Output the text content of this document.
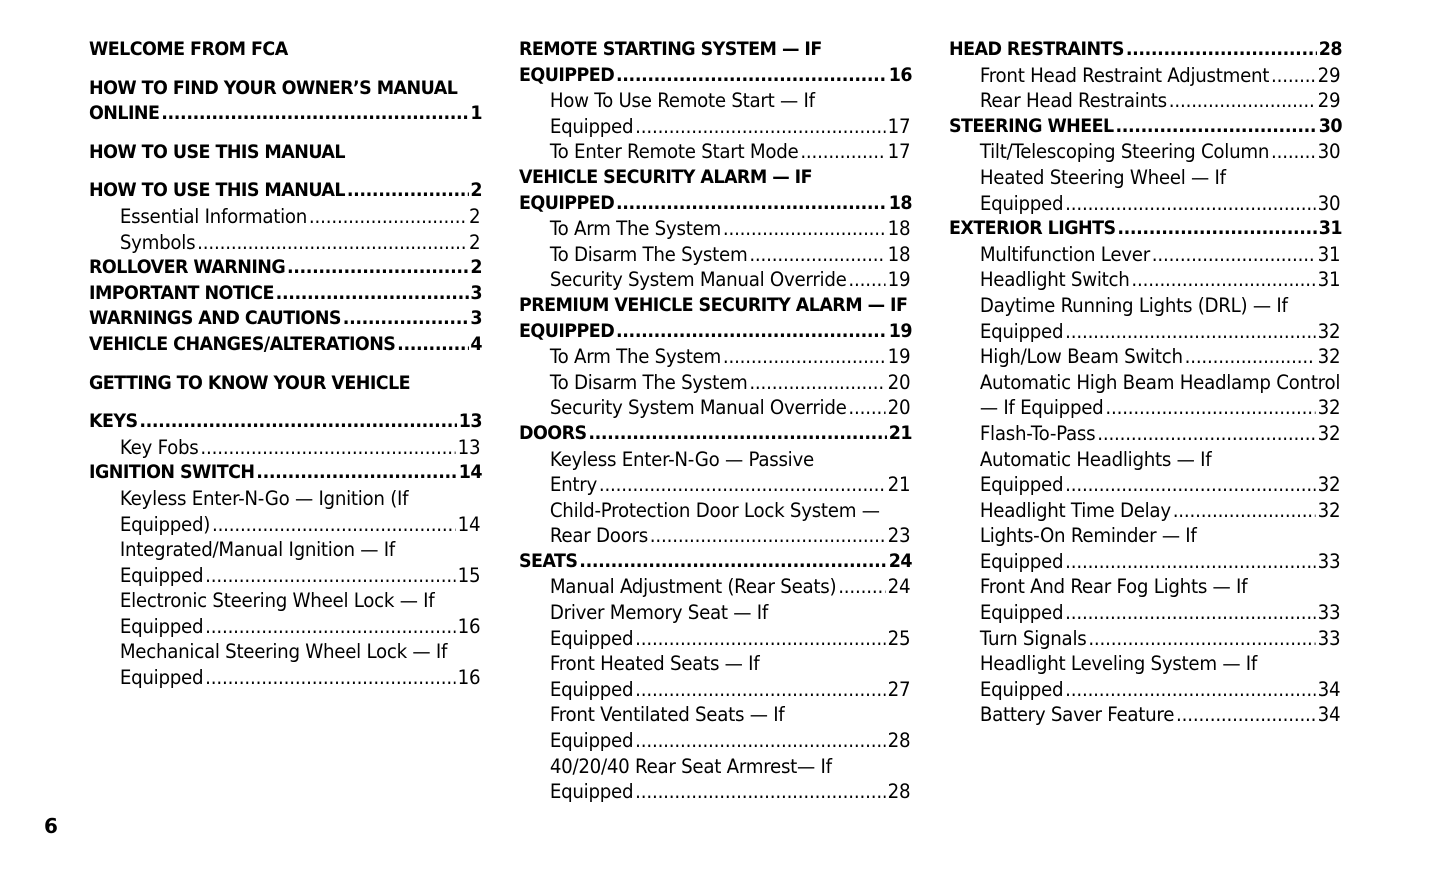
WELCOME FROM FCA
HOW TO FIND YOUR OWNER’S MANUAL
ONLINE .....	1
HOW TO USE THIS MANUAL
HOW TO USE THIS MANUAL .....	2
Essential Information .....	2
Symbols .....	2
ROLLOVER WARNING .....	2
IMPORTANT NOTICE .....	3
WARNINGS AND CAUTIONS .....	3
VEHICLE CHANGES/ALTERATIONS .....	4
GETTING TO KNOW YOUR VEHICLE
KEYS .....	13
Key Fobs .....	13
IGNITION SWITCH .....	14
Keyless Enter-N-Go — Ignition (If
Equipped) .....	14
Integrated/Manual Ignition — If
Equipped .....	15
Electronic Steering Wheel Lock — If
Equipped .....	16
Mechanical Steering Wheel Lock — If
Equipped .....	16
REMOTE STARTING SYSTEM — IF
EQUIPPED .....	16
How To Use Remote Start — If
Equipped .....	17
To Enter Remote Start Mode .....	17
VEHICLE SECURITY ALARM — IF
EQUIPPED .....	18
To Arm The System .....	18
To Disarm The System .....	18
Security System Manual Override ..... 19
PREMIUM VEHICLE SECURITY ALARM — IF
EQUIPPED .....	19
To Arm The System .....	19
To Disarm The System .....	20
Security System Manual Override ..... 20
DOORS .....	21
Keyless Enter-N-Go — Passive
Entry .....	21
Child-Protection Door Lock System —
Rear Doors .....	23
SEATS .....	24
Manual Adjustment (Rear Seats) .....	24
Driver Memory Seat — If
Equipped .....	25
Front Heated Seats — If
Equipped .....	27
Front Ventilated Seats — If
Equipped .....	28
40/20/40 Rear Seat Armrest— If
Equipped .....	28
HEAD RESTRAINTS .....	28
Front Head Restraint Adjustment ..... 29
Rear Head Restraints .....	29
STEERING WHEEL .....	30
Tilt/Telescoping Steering Column ..... 30
Heated Steering Wheel — If
Equipped .....	30
EXTERIOR LIGHTS .....	31
Multifunction Lever .....	31
Headlight Switch .....	31
Daytime Running Lights (DRL) — If
Equipped .....	32
High/Low Beam Switch .....	32
Automatic High Beam Headlamp Control
— If Equipped .....	32
Flash-To-Pass .....	32
Automatic Headlights — If
Equipped .....	32
Headlight Time Delay .....	32
Lights-On Reminder — If
Equipped .....	33
Front And Rear Fog Lights — If
Equipped .....	33
Turn Signals .....	33
Headlight Leveling System — If
Equipped .....	34
Battery Saver Feature .....	34
6
